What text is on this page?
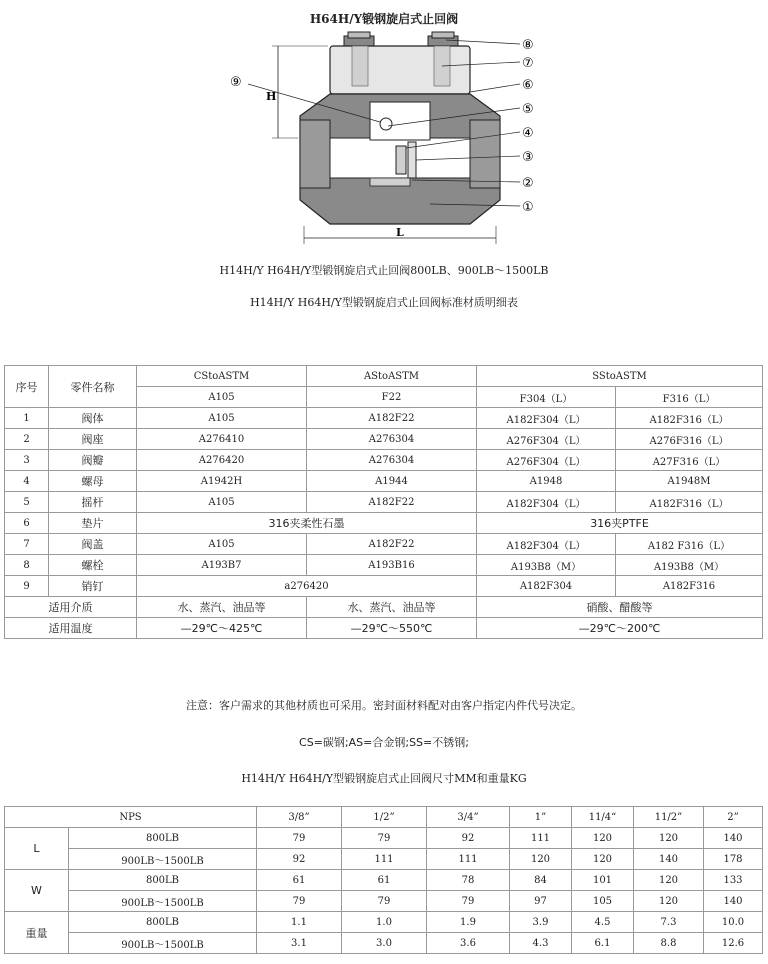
H64H/Y锻钢旋启式止回阀
H
L
⑧
⑦
⑥
⑤
④
③
②
①
⑨
H14H/Y H64H/Y型锻钢旋启式止回阀800LB、900LB～1500LB
H14H/Y H64H/Y型锻钢旋启式止回阀标准材质明细表
序号	零件名称	CStoASTM	AStoASTM	SStoASTM	
		A105	F22	F304（L）	F316（L）
1	阀体	A105	A182F22	A182F304（L）	A182F316（L）
2	阀座	A276410	A276304	A276F304（L）	A276F316（L）
3	阀瓣	A276420	A276304	A276F304（L）	A27F316（L）
4	螺母	A1942H	A1944	A1948	A1948M
5	摇杆	A105	A182F22	A182F304（L）	A182F316（L）
6	垫片	316夹柔性石墨		316夹PTFE	
7	阀盖	A105	A182F22	A182F304（L）	A182 F316（L）
8	螺栓	A193B7	A193B16	A193B8（M）	A193B8（M）
9	销钉	a276420		A182F304	A182F316
适用介质		水、蒸汽、油品等	水、蒸汽、油品等	硝酸、醋酸等	
适用温度		—29℃～425℃	—29℃～550℃	—29℃～200℃	
注意：客户需求的其他材质也可采用。密封面材料配对由客户指定内件代号决定。
CS=碳钢;AS=合金钢;SS=不锈钢;
H14H/Y H64H/Y型锻钢旋启式止回阀尺寸MM和重量KG
NPS		3/8”	1/2”	3/4”	1”	11/4“	11/2”	2”
L	800LB	79	79	92	111	120	120	140
	900LB～1500LB	92	111	111	120	120	140	178
W	800LB	61	61	78	84	101	120	133
	900LB～1500LB	79	79	79	97	105	120	140
重量	800LB	1.1	1.0	1.9	3.9	4.5	7.3	10.0
	900LB～1500LB	3.1	3.0	3.6	4.3	6.1	8.8	12.6
